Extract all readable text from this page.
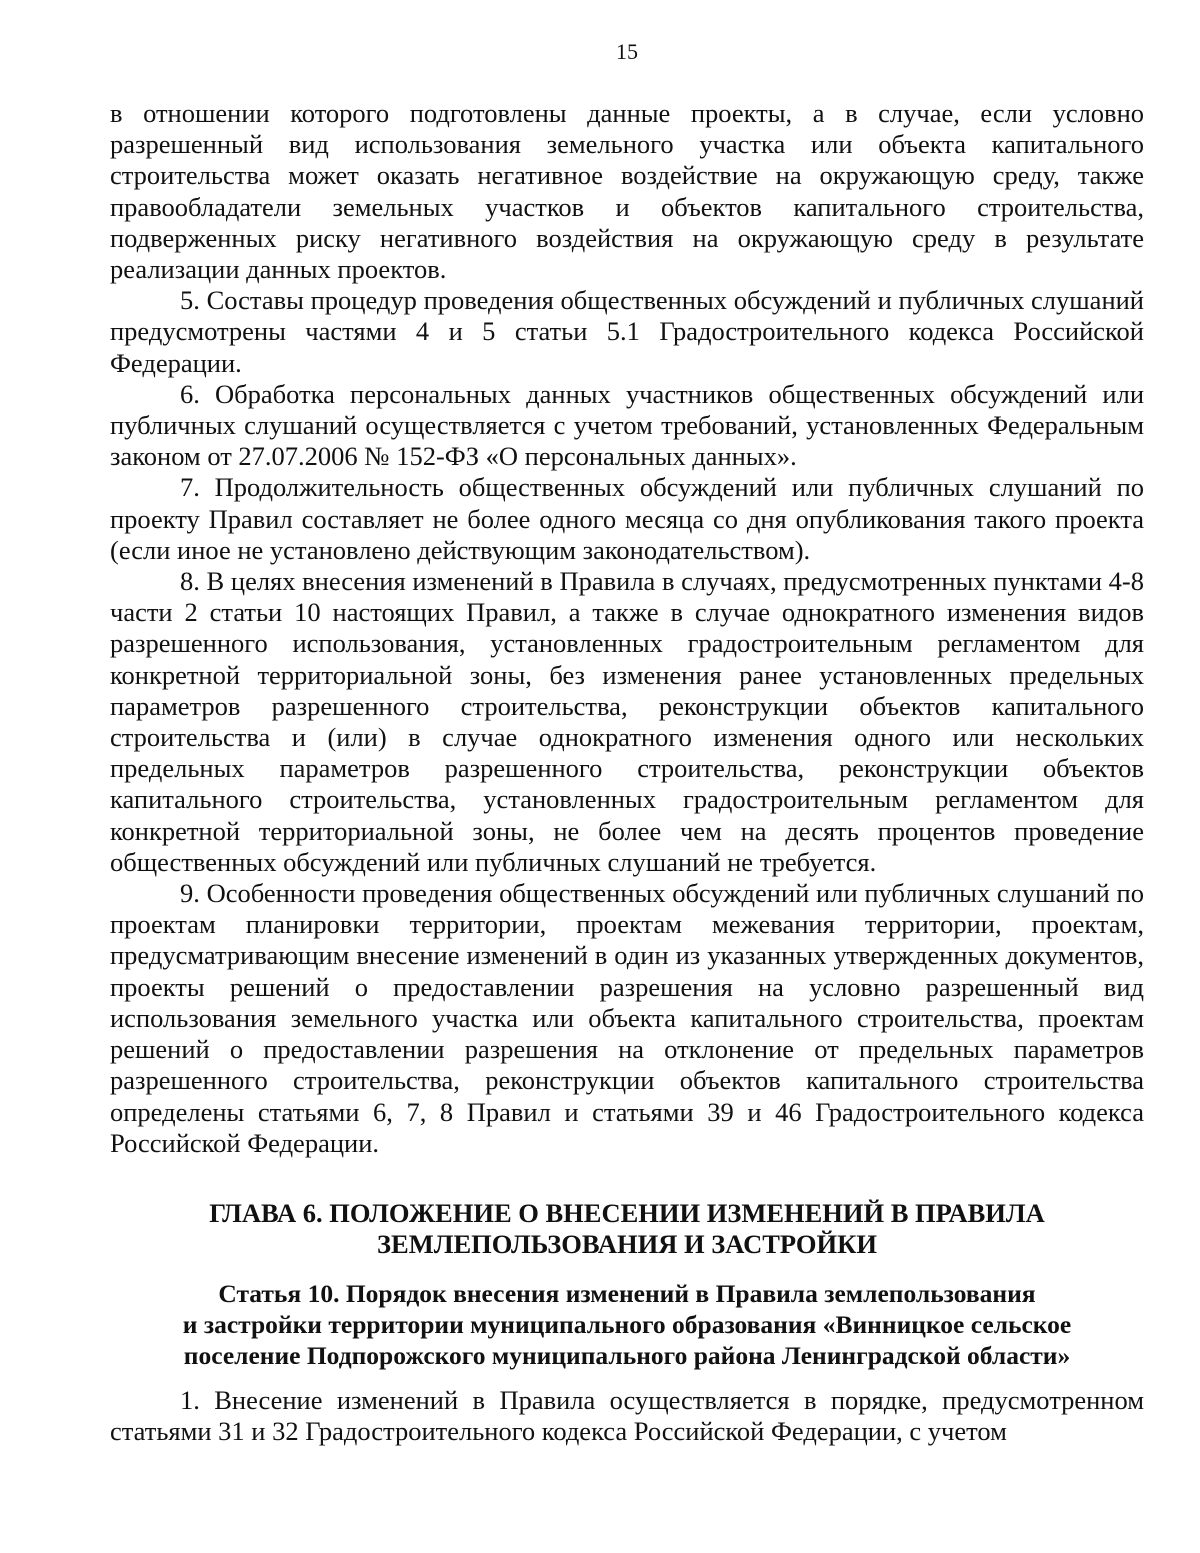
15

в отношении которого подготовлены данные проекты, а в случае, если условно разрешенный вид использования земельного участка или объекта капитального строительства может оказать негативное воздействие на окружающую среду, также правообладатели земельных участков и объектов капитального строительства, подверженных риску негативного воздействия на окружающую среду в результате реализации данных проектов.

5. Составы процедур проведения общественных обсуждений и публичных слушаний предусмотрены частями 4 и 5 статьи 5.1 Градостроительного кодекса Российской Федерации.

6. Обработка персональных данных участников общественных обсуждений или публичных слушаний осуществляется с учетом требований, установленных Федеральным законом от 27.07.2006 № 152-ФЗ «О персональных данных».

7. Продолжительность общественных обсуждений или публичных слушаний по проекту Правил составляет не более одного месяца со дня опубликования такого проекта (если иное не установлено действующим законодательством).

8. В целях внесения изменений в Правила в случаях, предусмотренных пунктами 4-8 части 2 статьи 10 настоящих Правил, а также в случае однократного изменения видов разрешенного использования, установленных градостроительным регламентом для конкретной территориальной зоны, без изменения ранее установленных предельных параметров разрешенного строительства, реконструкции объектов капитального строительства и (или) в случае однократного изменения одного или нескольких предельных параметров разрешенного строительства, реконструкции объектов капитального строительства, установленных градостроительным регламентом для конкретной территориальной зоны, не более чем на десять процентов проведение общественных обсуждений или публичных слушаний не требуется.

9. Особенности проведения общественных обсуждений или публичных слушаний по проектам планировки территории, проектам межевания территории, проектам, предусматривающим внесение изменений в один из указанных утвержденных документов, проекты решений о предоставлении разрешения на условно разрешенный вид использования земельного участка или объекта капитального строительства, проектам решений о предоставлении разрешения на отклонение от предельных параметров разрешенного строительства, реконструкции объектов капитального строительства определены статьями 6, 7, 8 Правил и статьями 39 и 46 Градостроительного кодекса Российской Федерации.

ГЛАВА 6. ПОЛОЖЕНИЕ О ВНЕСЕНИИ ИЗМЕНЕНИЙ В ПРАВИЛА
ЗЕМЛЕПОЛЬЗОВАНИЯ И ЗАСТРОЙКИ
Статья 10. Порядок внесения изменений в Правила землепользования
и застройки территории муниципального образования «Винницкое сельское
поселение Подпорожского муниципального района Ленинградской области»

1. Внесение изменений в Правила осуществляется в порядке, предусмотренном статьями 31 и 32 Градостроительного кодекса Российской Федерации, с учетом
